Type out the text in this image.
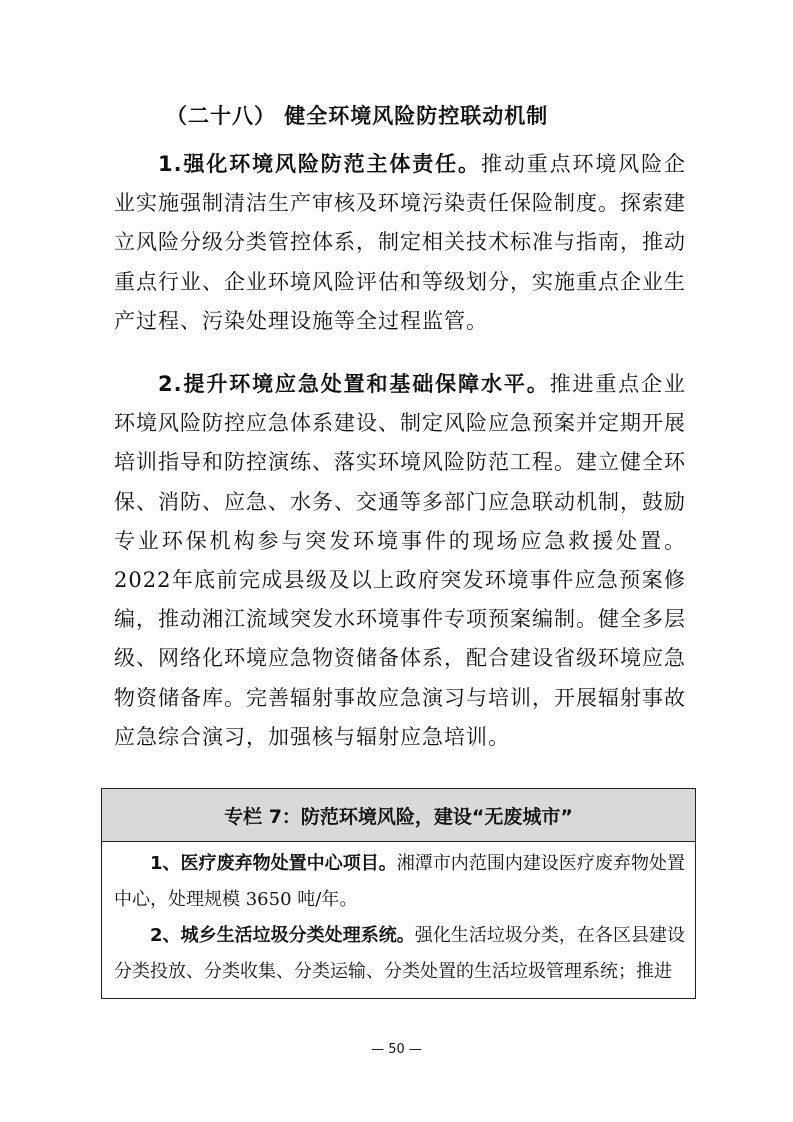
（二十八） 健全环境风险防控联动机制
1.强化环境风险防范主体责任。推动重点环境风险企业实施强制清洁生产审核及环境污染责任保险制度。探索建立风险分级分类管控体系，制定相关技术标准与指南，推动重点行业、企业环境风险评估和等级划分，实施重点企业生产过程、污染处理设施等全过程监管。
2.提升环境应急处置和基础保障水平。推进重点企业环境风险防控应急体系建设、制定风险应急预案并定期开展培训指导和防控演练、落实环境风险防范工程。建立健全环保、消防、应急、水务、交通等多部门应急联动机制，鼓励专业环保机构参与突发环境事件的现场应急救援处置。2022年底前完成县级及以上政府突发环境事件应急预案修编，推动湘江流域突发水环境事件专项预案编制。健全多层级、网络化环境应急物资储备体系，配合建设省级环境应急物资储备库。完善辐射事故应急演习与培训，开展辐射事故应急综合演习，加强核与辐射应急培训。
专栏 7：防范环境风险，建设“无废城市”
1、医疗废弃物处置中心项目。湘潭市内范围内建设医疗废弃物处置中心，处理规模 3650 吨/年。
2、城乡生活垃圾分类处理系统。强化生活垃圾分类，在各区县建设分类投放、分类收集、分类运输、分类处置的生活垃圾管理系统；推进
— 50 —
